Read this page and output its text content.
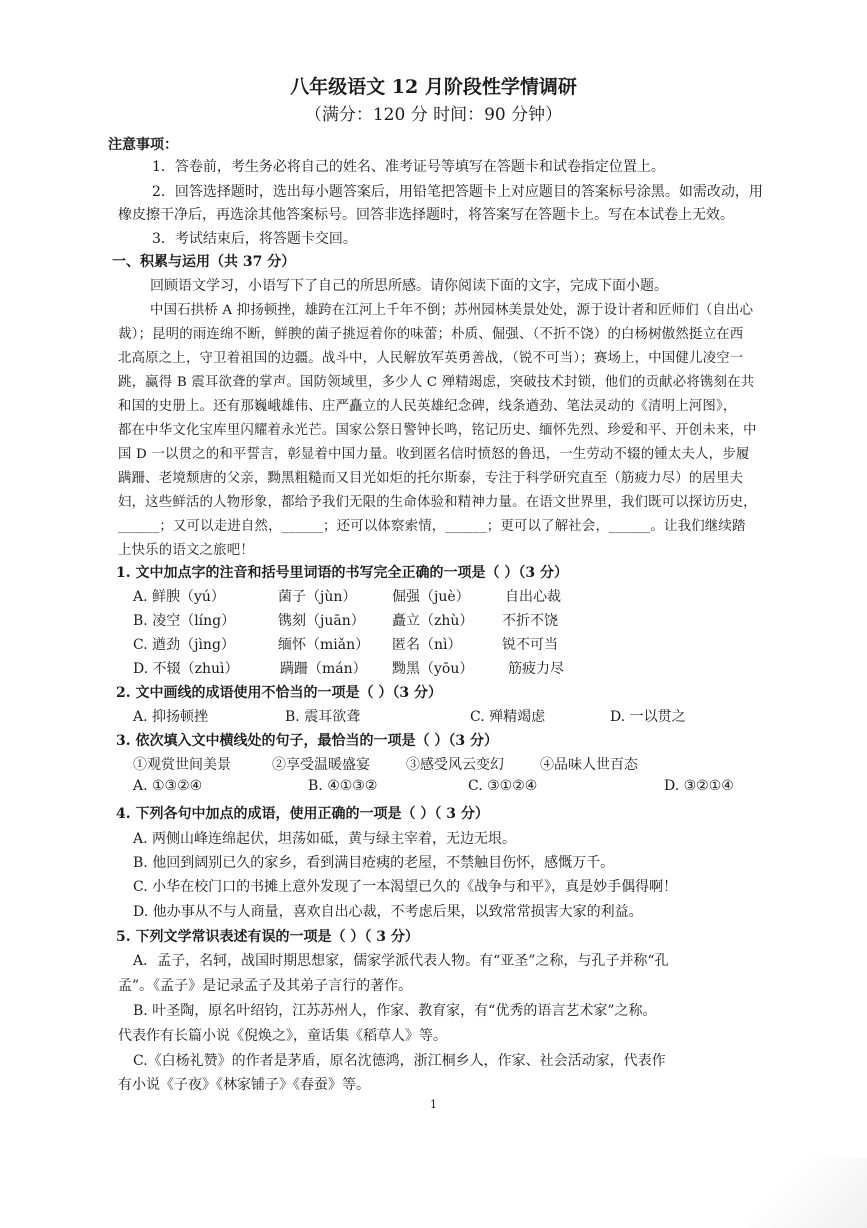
八年级语文 12 月阶段性学情调研
（满分：120 分 时间：90 分钟）
注意事项：
1．答卷前，考生务必将自己的姓名、准考证号等填写在答题卡和试卷指定位置上。
2．回答选择题时，选出每小题答案后，用铅笔把答题卡上对应题目的答案标号涂黑。如需改动，用
橡皮擦干净后，再选涂其他答案标号。回答非选择题时，将答案写在答题卡上。写在本试卷上无效。
3．考试结束后，将答题卡交回。
一、积累与运用（共 37 分）
回顾语文学习，小语写下了自己的所思所感。请你阅读下面的文字，完成下面小题。
中国石拱桥 A 抑扬顿挫，雄跨在江河上千年不倒；苏州园林美景处处，源于设计者和匠师们（自出心
裁）；昆明的雨连绵不断，鲜腴的菌子挑逗着你的味蕾；朴质、倔强、（不折不饶）的白杨树傲然挺立在西
北高原之上，守卫着祖国的边疆。战斗中，人民解放军英勇善战，（锐不可当）；赛场上，中国健儿凌空一
跳，赢得 B 震耳欲聋的掌声。国防领域里，多少人 C 殚精竭虑，突破技术封锁，他们的贡献必将镌刻在共
和国的史册上。还有那巍峨雄伟、庄严矗立的人民英雄纪念碑，线条遒劲、笔法灵动的《清明上河图》，
都在中华文化宝库里闪耀着永光芒。国家公祭日警钟长鸣，铭记历史、缅怀先烈、珍爱和平、开创未来，中
国 D 一以贯之的和平誓言，彰显着中国力量。收到匿名信时愤怒的鲁迅，一生劳动不辍的锺太夫人，步履
蹒跚、老境颓唐的父亲，黝黑粗糙而又目光如炬的托尔斯泰，专注于科学研究直至（筋疲力尽）的居里夫
妇，这些鲜活的人物形象，都给予我们无限的生命体验和精神力量。在语文世界里，我们既可以探访历史，
______；又可以走进自然，______；还可以体察索情，______；更可以了解社会，______。让我们继续踏
上快乐的语文之旅吧！
1. 文中加点字的注音和括号里词语的书写完全正确的一项是（ ）（3 分）
A. 鲜腴（yú）	菌子（jùn）	倔强（juè）	自出心裁
B. 凌空（líng）	镌刻（juān） 矗立（zhù） 不折不饶
C. 遒劲（jìng）	缅怀（miǎn） 匿名（nì）	锐不可当
D. 不辍（zhuì）	蹒跚（mán） 黝黑（yōu） 筋疲力尽
2. 文中画线的成语使用不恰当的一项是（ ）（3 分）
A. 抑扬顿挫	B. 震耳欲聋	C. 殚精竭虑	D. 一以贯之
3. 依次填入文中横线处的句子，最恰当的一项是（ ）（3 分）
①观赏世间美景	②享受温暖盛宴	③感受风云变幻	④品味人世百态
A. ①③②④	B. ④①③②	C. ③①②④	D. ③②①④
4. 下列各句中加点的成语，使用正确的一项是（ ）（ 3 分）
A. 两侧山峰连绵起伏，坦荡如砥，黄与绿主宰着，无边无垠。
B. 他回到阔别已久的家乡，看到满目疮痍的老屋，不禁触目伤怀，感慨万千。
C. 小华在校门口的书摊上意外发现了一本渴望已久的《战争与和平》，真是妙手偶得啊！
D. 他办事从不与人商量，喜欢自出心裁，不考虑后果，以致常常损害大家的利益。
5. 下列文学常识表述有误的一项是（ ）（ 3 分）
A．孟子，名轲，战国时期思想家，儒家学派代表人物。有“亚圣”之称，与孔子并称“孔
孟”。《孟子》是记录孟子及其弟子言行的著作。
B. 叶圣陶，原名叶绍钧，江苏苏州人，作家、教育家，有“优秀的语言艺术家”之称。
代表作有长篇小说《倪焕之》，童话集《稻草人》等。
C.《白杨礼赞》的作者是茅盾，原名沈德鸿，浙江桐乡人，作家、社会活动家，代表作
有小说《子夜》《林家铺子》《春蚕》等。
1
